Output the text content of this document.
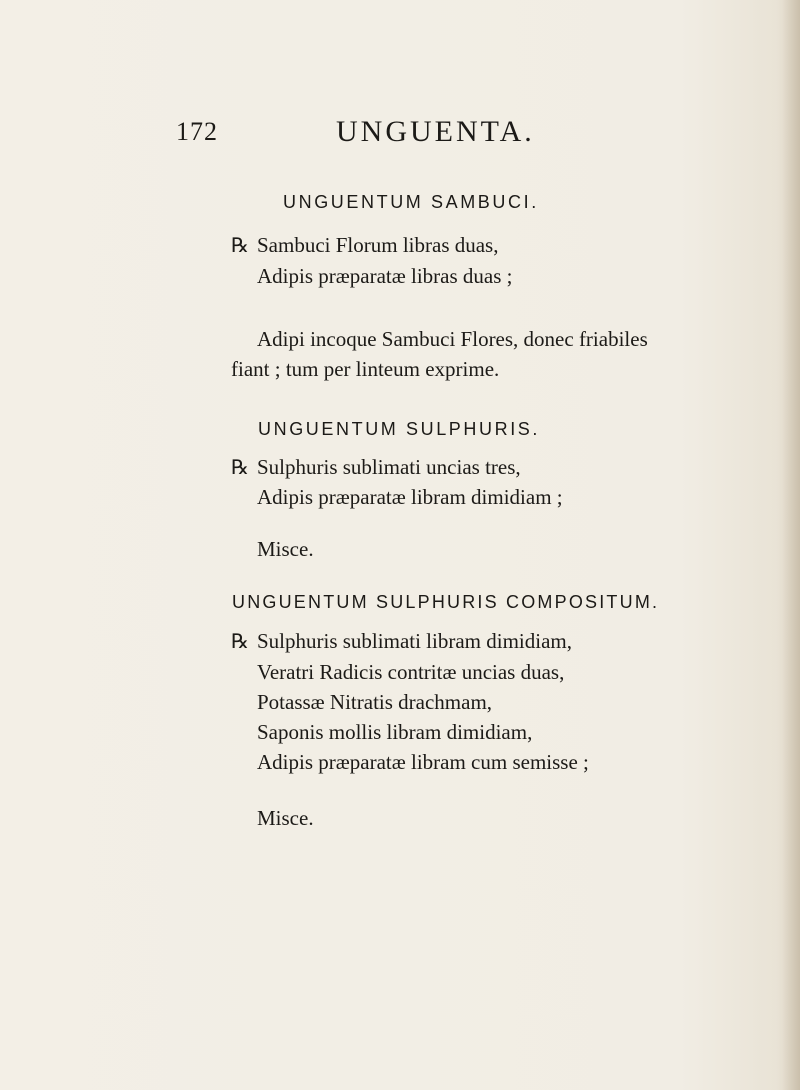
172	UNGUENTA.
UNGUENTUM SAMBUCI.
℞ Sambuci Florum libras duas,
Adipis præparatæ libras duas ;
Adipi incoque Sambuci Flores, donec friabiles
fiant ; tum per linteum exprime.
UNGUENTUM SULPHURIS.
℞ Sulphuris sublimati uncias tres,
Adipis præparatæ libram dimidiam ;
Misce.
UNGUENTUM SULPHURIS COMPOSITUM.
℞ Sulphuris sublimati libram dimidiam,
Veratri Radicis contritæ uncias duas,
Potassæ Nitratis drachmam,
Saponis mollis libram dimidiam,
Adipis præparatæ libram cum semisse ;
Misce.
